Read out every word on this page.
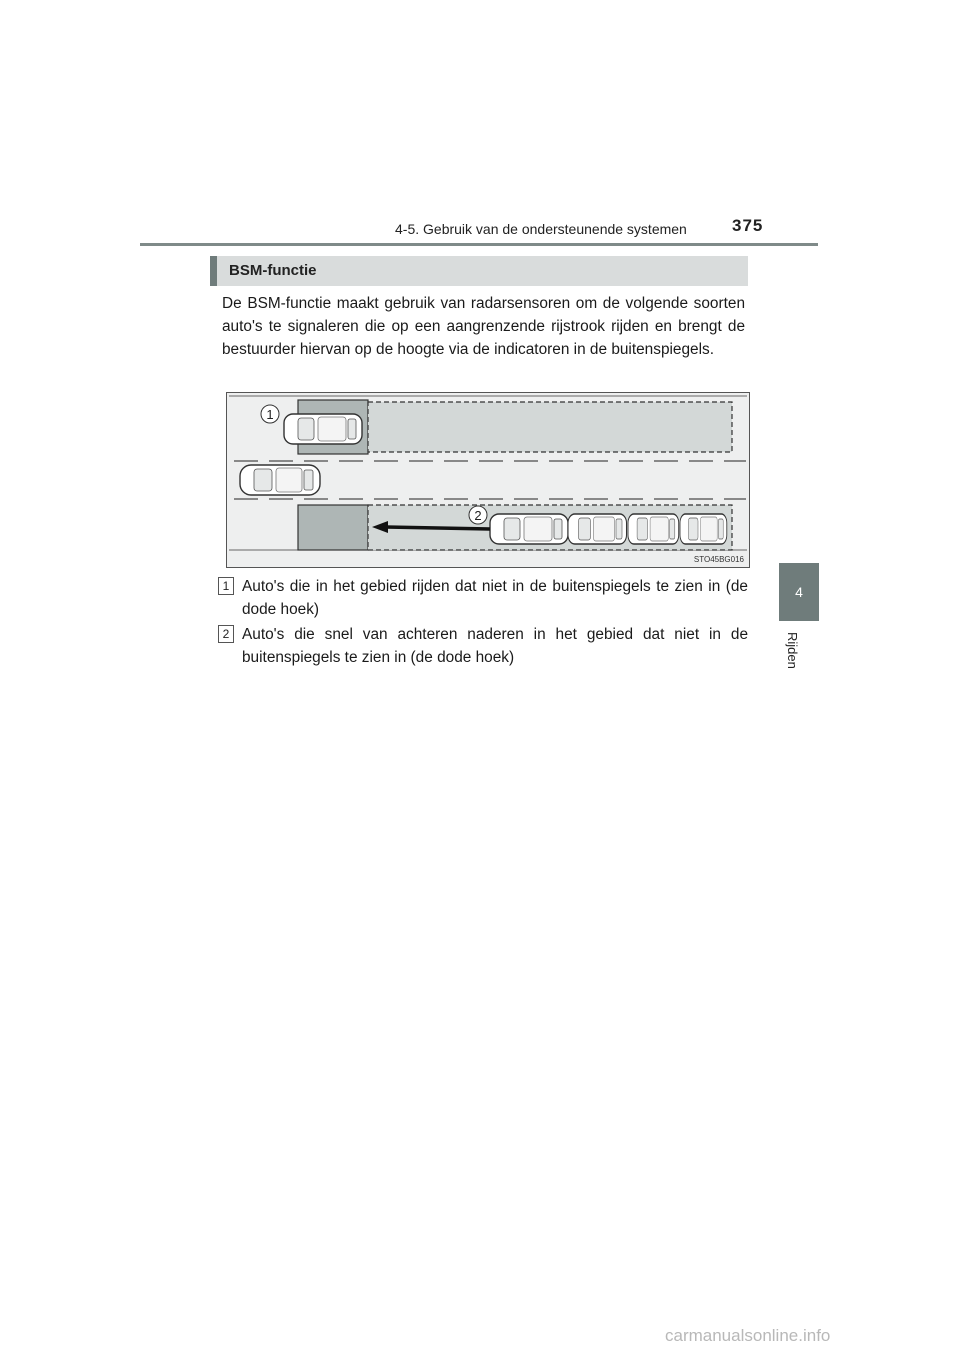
4-5. Gebruik van de ondersteunende systemen	375
4
Rijden
BSM-functie

De BSM-functie maakt gebruik van radarsensoren om de volgende soorten auto's te signaleren die op een aangrenzende rijstrook rijden en brengt de bestuurder hiervan op de hoogte via de indicatoren in de buitenspiegels.

1
2
STO45BG016
1 Auto's die in het gebied rijden dat niet in de buitenspiegels te zien in (de dode hoek)
2 Auto's die snel van achteren naderen in het gebied dat niet in de buitenspiegels te zien in (de dode hoek)
carmanualsonline.info
